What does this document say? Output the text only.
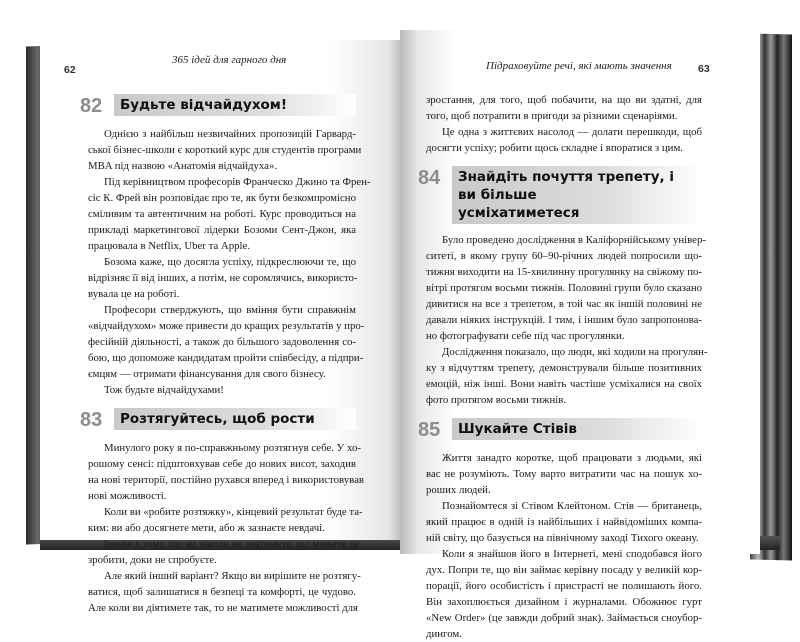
62
365 ідей для гарного дня
82	Будьте відчайдухом!
Однією з найбільш незвичайних пропозицій Гарвард-
ської бізнес-школи є короткий курс для студентів програми
MBA під назвою «Анатомія відчайдуха».
Під керівництвом професорів Франческо Джино та Френ-
сіс К. Фрей він розповідає про те, як бути безкомпромісно
сміливим та автентичним на роботі. Курс проводиться на
прикладі маркетингової лідерки Бозоми Сент-Джон, яка
працювала в Netflix, Uber та Apple.
Бозома каже, що досягла успіху, підкреслюючи те, що
відрізняє її від інших, а потім, не соромлячись, використо-
вувала це на роботі.
Професори стверджують, що вміння бути справжнім
«відчайдухом» може привести до кращих результатів у про-
фесійній діяльності, а також до більшого задоволення со-
бою, що допоможе кандидатам пройти співбесіду, а підпри-
ємцям — отримати фінансування для свого бізнесу.
Тож будьте відчайдухами!
83	Розтягуйтесь, щоб рости
Минулого року я по-справжньому розтягнув себе. У хо-
рошому сенсі: підштовхував себе до нових висот, заходив
на нові території, постійно рухався вперед і використовував
нові можливості.
Коли ви «робите розтяжку», кінцевий результат буде та-
ким: ви або досягнете мети, або ж зазнаєте невдачі.
Іронія в тому, що ви ніколи не знатимете, що можете це
зробити, доки не спробуєте.
Але який інший варіант? Якщо ви вирішите не розтягу-
ватися, щоб залишатися в безпеці та комфорті, це чудово.
Але коли ви діятимете так, то не матимете можливості для
Підраховуйте речі, які мають значення	63
зростання, для того, щоб побачити, на що ви здатні, для
того, щоб потрапити в пригоди за різними сценаріями.
Це одна з життєвих насолод — долати перешкоди, щоб
досягти успіху; робити щось складне і впоратися з цим.
84	Знайдіть почуття трепету, і ви більше
усміхатиметеся
Було проведено дослідження в Каліфорнійському універ-
ситеті, в якому групу 60–90-річних людей попросили що-
тижня виходити на 15-хвилинну прогулянку на свіжому по-
вітрі протягом восьми тижнів. Половині групи було сказано
дивитися на все з трепетом, в той час як іншій половині не
давали ніяких інструкцій. І тим, і іншим було запропонова-
но фотографувати себе під час прогулянки.
Дослідження показало, що люди, які ходили на прогулян-
ку з відчуттям трепету, демонстрували більше позитивних
емоцій, ніж інші. Вони навіть частіше усміхалися на своїх
фото протягом восьми тижнів.
85	Шукайте Стівів
Життя занадто коротке, щоб працювати з людьми, які
вас не розуміють. Тому варто витратити час на пошук хо-
роших людей.
Познайомтеся зі Стівом Клейтоном. Стів — британець,
який працює в одній із найбільших і найвідоміших компа-
ній світу, що базується на північному заході Тихого океану.
Коли я знайшов його в Інтернеті, мені сподобався його
дух. Попри те, що він займає керівну посаду у великій кор-
порації, його особистість і пристрасті не полишають його.
Він захоплюється дизайном і журналами. Обожнює гурт
«New Order» (це завжди добрий знак). Займається сноубор-
дингом.
